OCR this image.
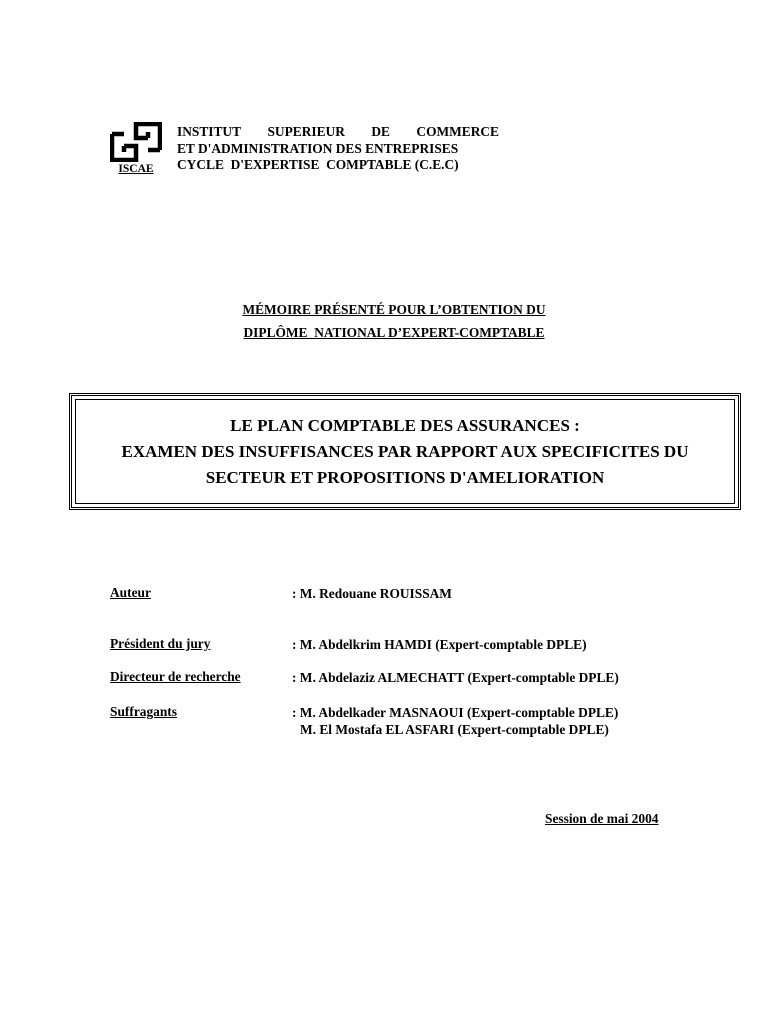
ISCAE
INSTITUT SUPERIEUR DE COMMERCE
ET D'ADMINISTRATION DES ENTREPRISES
CYCLE  D'EXPERTISE  COMPTABLE (C.E.C)
MÉMOIRE PRÉSENTÉ POUR L’OBTENTION DU
DIPLÔME  NATIONAL D’EXPERT-COMPTABLE
LE PLAN COMPTABLE DES ASSURANCES :
EXAMEN DES INSUFFISANCES PAR RAPPORT AUX SPECIFICITES DU
SECTEUR ET PROPOSITIONS D'AMELIORATION
Auteur	: M. Redouane ROUISSAM
Président du jury	: M. Abdelkrim HAMDI (Expert-comptable DPLE)
Directeur de recherche	: M. Abdelaziz ALMECHATT (Expert-comptable DPLE)
Suffragants	: M. Abdelkader MASNAOUI (Expert-comptable DPLE)
M. El Mostafa EL ASFARI (Expert-comptable DPLE)
Session de mai 2004
